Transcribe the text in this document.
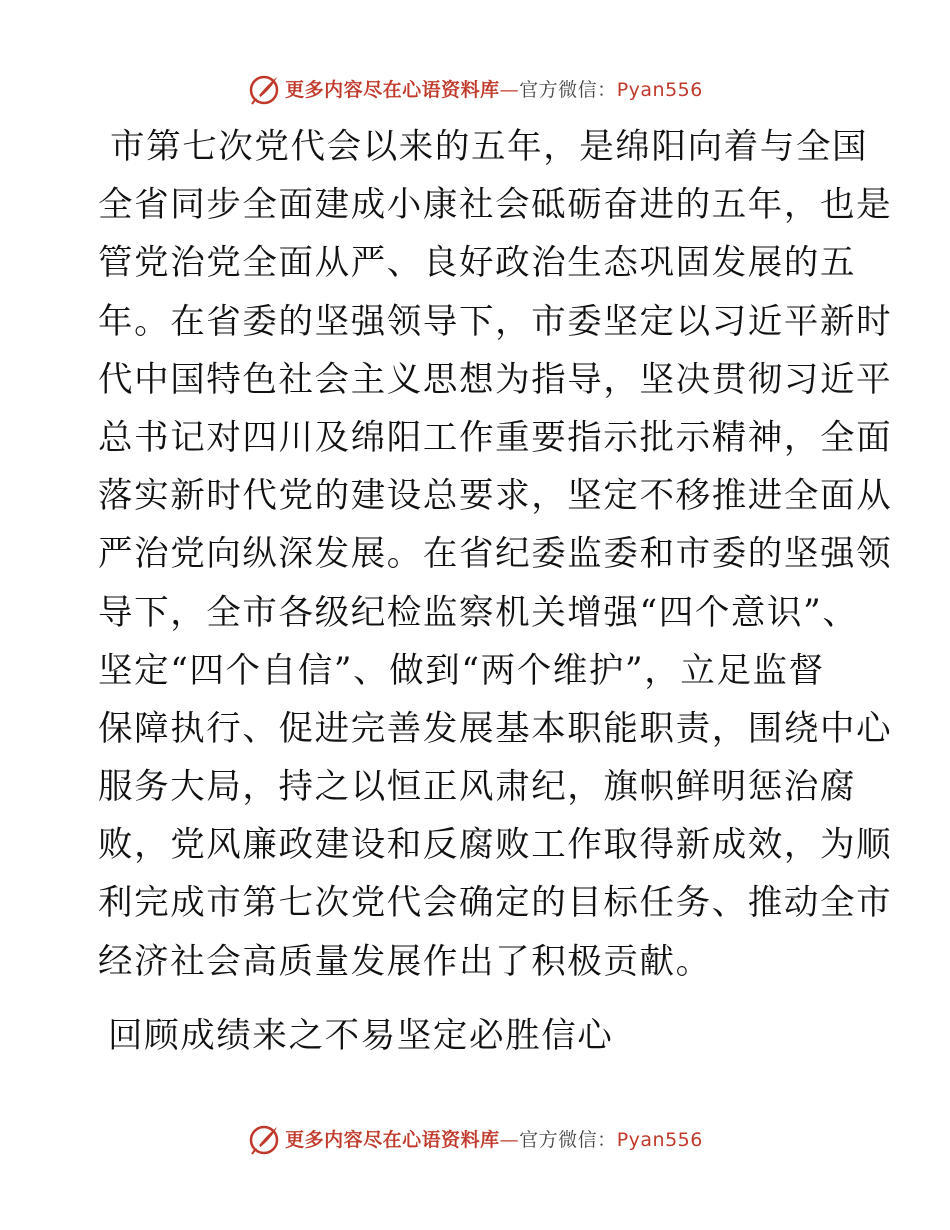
更多内容尽在心语资料库—官方微信：Pyan556
市第七次党代会以来的五年，是绵阳向着与全国
全省同步全面建成小康社会砥砺奋进的五年，也是
管党治党全面从严、良好政治生态巩固发展的五
年。在省委的坚强领导下，市委坚定以习近平新时
代中国特色社会主义思想为指导，坚决贯彻习近平
总书记对四川及绵阳工作重要指示批示精神，全面
落实新时代党的建设总要求，坚定不移推进全面从
严治党向纵深发展。在省纪委监委和市委的坚强领
导下，全市各级纪检监察机关增强“四个意识”、
坚定“四个自信”、做到“两个维护”，立足监督
保障执行、促进完善发展基本职能职责，围绕中心
服务大局，持之以恒正风肃纪，旗帜鲜明惩治腐
败，党风廉政建设和反腐败工作取得新成效，为顺
利完成市第七次党代会确定的目标任务、推动全市
经济社会高质量发展作出了积极贡献。
回顾成绩来之不易坚定必胜信心
更多内容尽在心语资料库—官方微信：Pyan556
